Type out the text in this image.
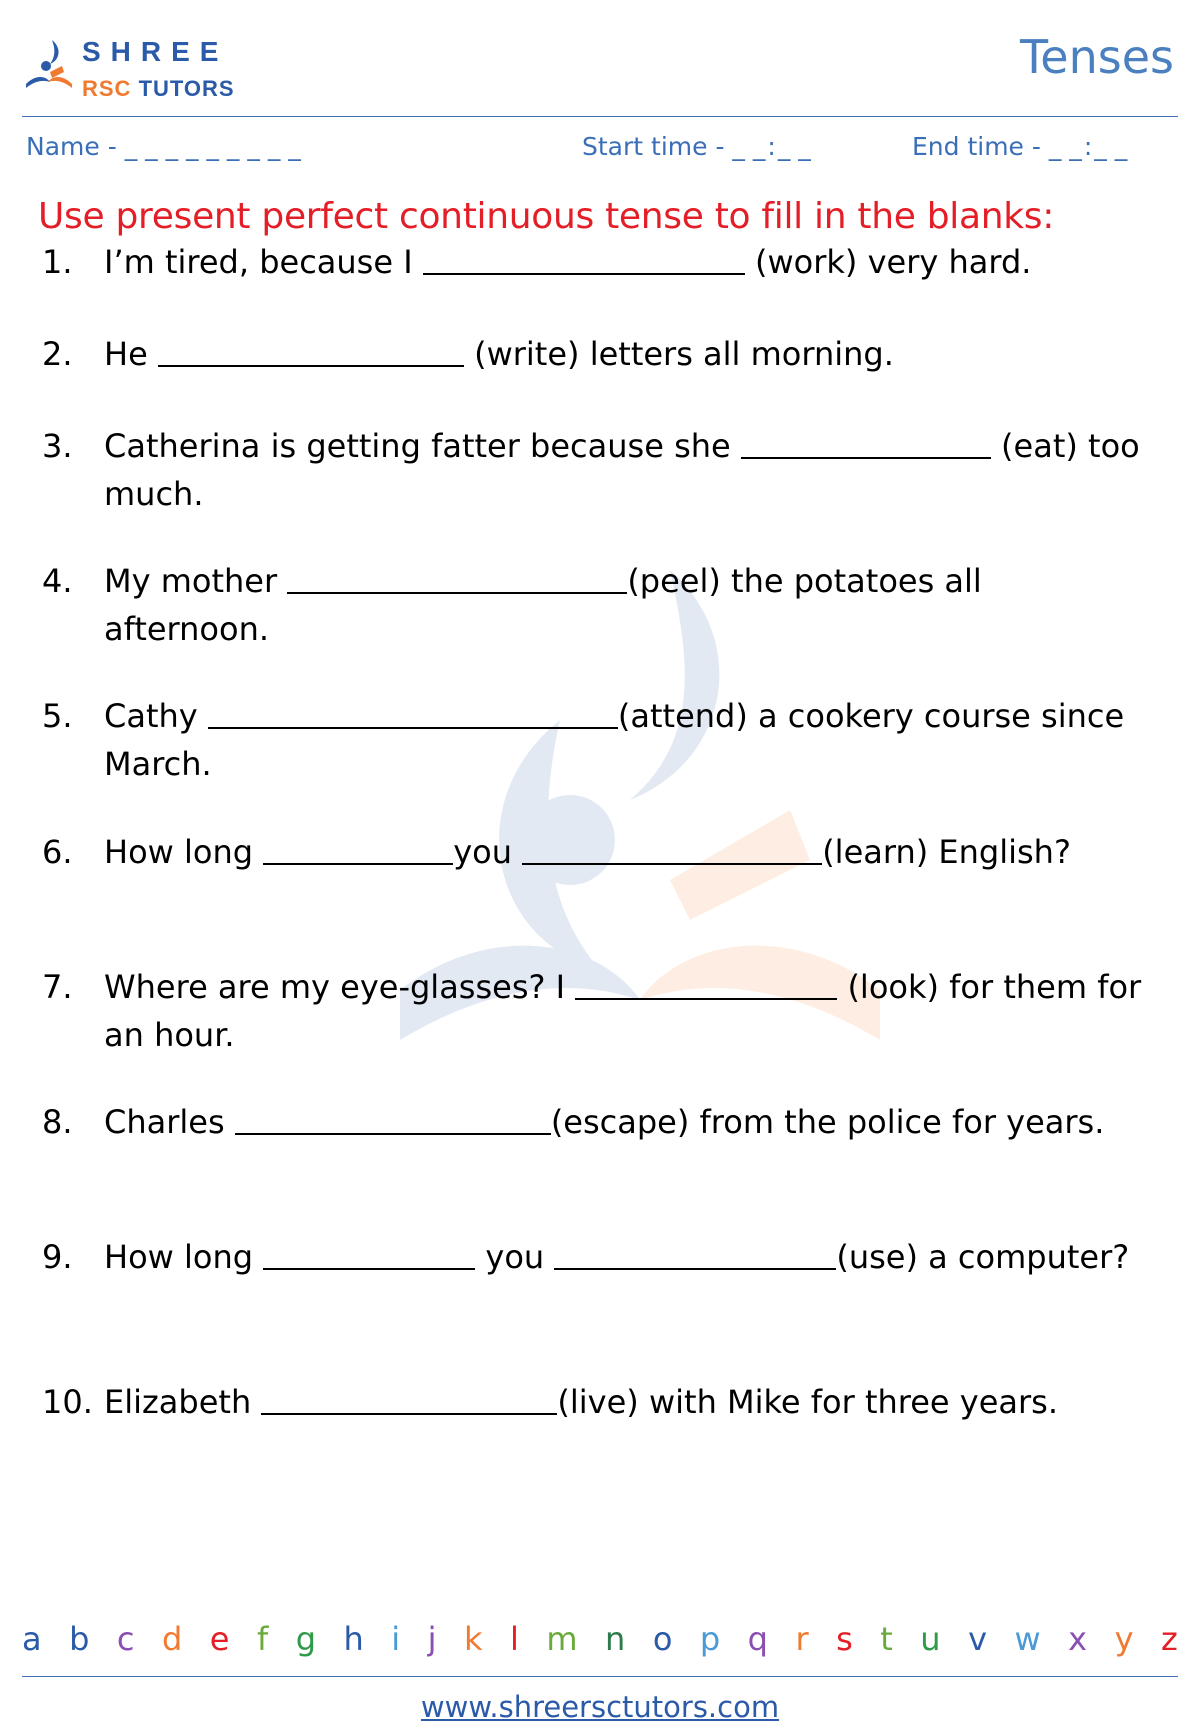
SHREE
RSC TUTORS
Tenses
Name - _ _ _ _ _ _ _ _ _	Start time - _ _:_ _	End time - _ _:_ _
Use present perfect continuous tense to fill in the blanks:
1. I’m tired, because I	(work) very hard.
2. He	(write) letters all morning.
3. Catherina is getting fatter because she	(eat) too much.
4. My mother	(peel) the potatoes all afternoon.
5. Cathy	(attend) a cookery course since March.
6. How long	you	(learn) English?
7. Where are my eye-glasses? I	(look) for them for an hour.
8. Charles	(escape) from the police for years.
9. How long	you	(use) a computer?
10. Elizabeth	(live) with Mike for three years.
a b c d e f g h i j k l m n o p q r s t u v w x y z
www.shreersctutors.com
